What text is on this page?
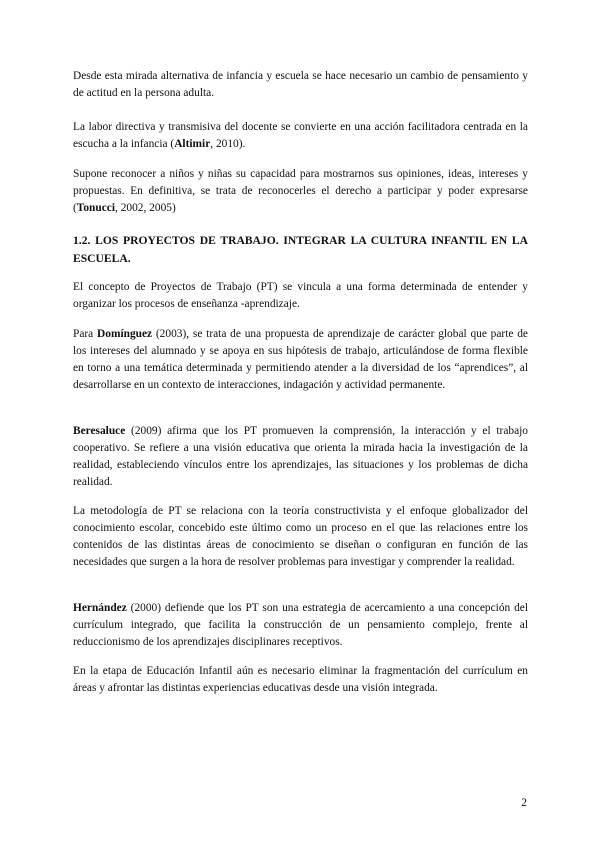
Desde esta mirada alternativa de infancia y escuela se hace necesario un cambio de pensamiento y de actitud en la persona adulta.

La labor directiva y transmisiva del docente se convierte en una acción facilitadora centrada en la escucha a la infancia (Altimir, 2010).

Supone reconocer a niños y niñas su capacidad para mostrarnos sus opiniones, ideas, intereses y propuestas. En definitiva, se trata de reconocerles el derecho a participar y poder expresarse (Tonucci, 2002, 2005)

1.2. LOS PROYECTOS DE TRABAJO. INTEGRAR LA CULTURA INFANTIL EN LA ESCUELA.

El concepto de Proyectos de Trabajo (PT) se vincula a una forma determinada de entender y organizar los procesos de enseñanza -aprendizaje.

Para Domínguez (2003), se trata de una propuesta de aprendizaje de carácter global que parte de los intereses del alumnado y se apoya en sus hipótesis de trabajo, articulándose de forma flexible en torno a una temática determinada y permitiendo atender a la diversidad de los “aprendices”, al desarrollarse en un contexto de interacciones, indagación y actividad permanente.

Beresaluce (2009) afirma que los PT promueven la comprensión, la interacción y el trabajo cooperativo. Se refiere a una visión educativa que orienta la mirada hacia la investigación de la realidad, estableciendo vínculos entre los aprendizajes, las situaciones y los problemas de dicha realidad.

La metodología de PT se relaciona con la teoría constructivista y el enfoque globalizador del conocimiento escolar, concebido este último como un proceso en el que las relaciones entre los contenidos de las distintas áreas de conocimiento se diseñan o configuran en función de las necesidades que surgen a la hora de resolver problemas para investigar y comprender la realidad.

Hernández (2000) defiende que los PT son una estrategia de acercamiento a una concepción del currículum integrado, que facilita la construcción de un pensamiento complejo, frente al reduccionismo de los aprendizajes disciplinares receptivos.

En la etapa de Educación Infantil aún es necesario eliminar la fragmentación del currículum en áreas y afrontar las distintas experiencias educativas desde una visión integrada.

2
